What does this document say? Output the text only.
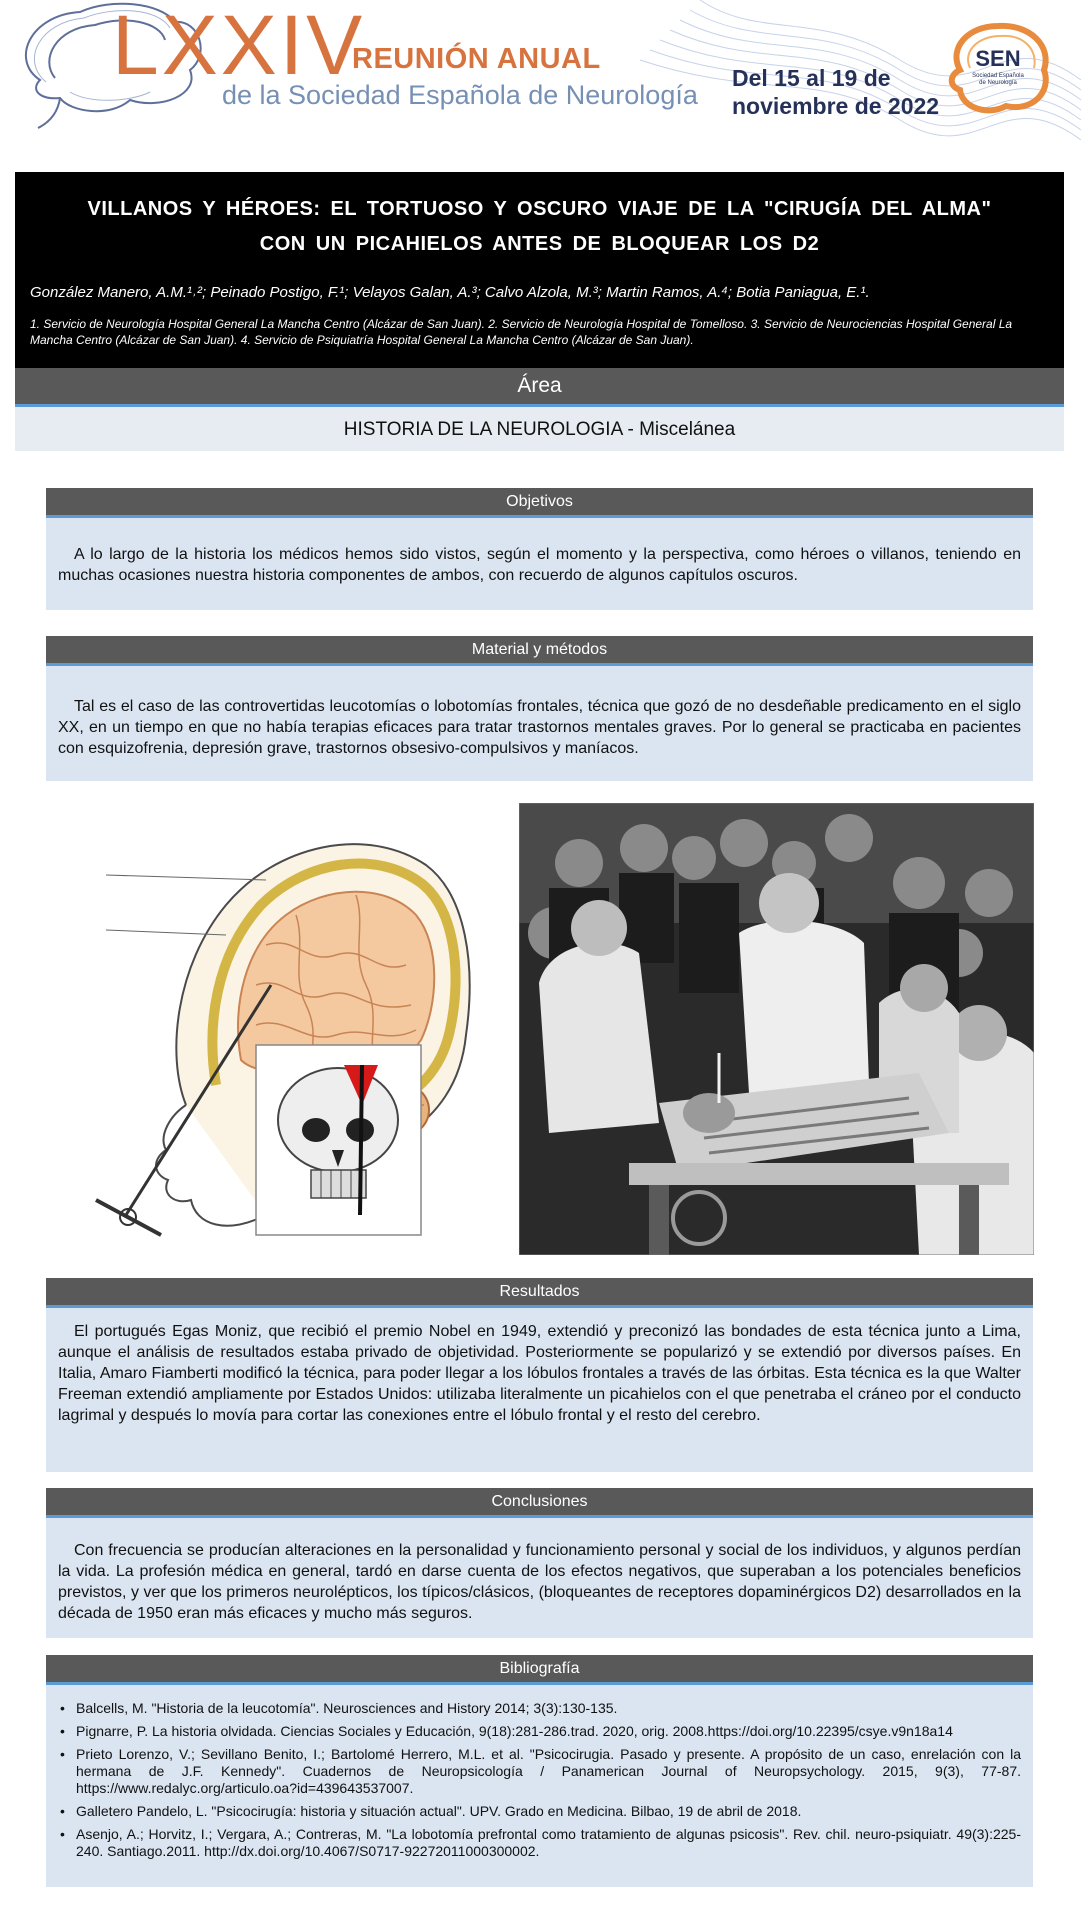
LXXIV
REUNIÓN ANUAL
de la Sociedad Española de Neurología
Del 15 al 19 de
noviembre de 2022
SEN
Sociedad Española
de Neurología
VILLANOS Y HÉROES: EL TORTUOSO Y OSCURO VIAJE DE LA "CIRUGÍA DEL ALMA"
CON UN PICAHIELOS ANTES DE BLOQUEAR LOS D2
González Manero, A.M.¹˒²; Peinado Postigo, F.¹; Velayos Galan, A.³; Calvo Alzola, M.³; Martin Ramos, A.⁴; Botia Paniagua, E.¹.
1. Servicio de Neurología Hospital General La Mancha Centro (Alcázar de San Juan). 2. Servicio de Neurología Hospital de Tomelloso. 3. Servicio de Neurociencias Hospital General La Mancha Centro (Alcázar de San Juan). 4. Servicio de Psiquiatría Hospital General La Mancha Centro (Alcázar de San Juan).
Área
HISTORIA DE LA NEUROLOGIA - Miscelánea
Objetivos

A lo largo de la historia los médicos hemos sido vistos, según el momento y la perspectiva, como héroes o villanos, teniendo en muchas ocasiones nuestra historia componentes de ambos, con recuerdo de algunos capítulos oscuros.

Material y métodos

Tal es el caso de las controvertidas leucotomías o lobotomías frontales, técnica que gozó de no desdeñable predicamento en el siglo XX, en un tiempo en que no había terapias eficaces para tratar trastornos mentales graves. Por lo general se practicaba en pacientes con esquizofrenia, depresión grave, trastornos obsesivo-compulsivos y maníacos.

Resultados

El portugués Egas Moniz, que recibió el premio Nobel en 1949, extendió y preconizó las bondades de esta técnica junto a Lima, aunque el análisis de resultados estaba privado de objetividad. Posteriormente se popularizó y se extendió por diversos países. En Italia, Amaro Fiamberti modificó la técnica, para poder llegar a los lóbulos frontales a través de las órbitas. Esta técnica es la que Walter Freeman extendió ampliamente por Estados Unidos: utilizaba literalmente un picahielos con el que penetraba el cráneo por el conducto lagrimal y después lo movía para cortar las conexiones entre el lóbulo frontal y el resto del cerebro.

Conclusiones

Con frecuencia se producían alteraciones en la personalidad y funcionamiento personal y social de los individuos, y algunos perdían la vida. La profesión médica en general, tardó en darse cuenta de los efectos negativos, que superaban a los potenciales beneficios previstos, y ver que los primeros neurolépticos, los típicos/clásicos, (bloqueantes de receptores dopaminérgicos D2) desarrollados en la década de 1950 eran más eficaces y mucho más seguros.

Bibliografía
• Balcells, M. "Historia de la leucotomía". Neurosciences and History 2014; 3(3):130-135.
• Pignarre, P. La historia olvidada. Ciencias Sociales y Educación, 9(18):281-286.trad. 2020, orig. 2008.https://doi.org/10.22395/csye.v9n18a14
• Prieto Lorenzo, V.; Sevillano Benito, I.; Bartolomé Herrero, M.L. et al. "Psicocirugia. Pasado y presente. A propósito de un caso, enrelación con la hermana de J.F. Kennedy". Cuadernos de Neuropsicología / Panamerican Journal of Neuropsychology. 2015, 9(3), 77-87. https://www.redalyc.org/articulo.oa?id=439643537007.
• Galletero Pandelo, L. "Psicocirugía: historia y situación actual". UPV. Grado en Medicina. Bilbao, 19 de abril de 2018.
• Asenjo, A.; Horvitz, I.; Vergara, A.; Contreras, M. "La lobotomía prefrontal como tratamiento de algunas psicosis". Rev. chil. neuro-psiquiatr. 49(3):225-240. Santiago.2011. http://dx.doi.org/10.4067/S0717-92272011000300002.
